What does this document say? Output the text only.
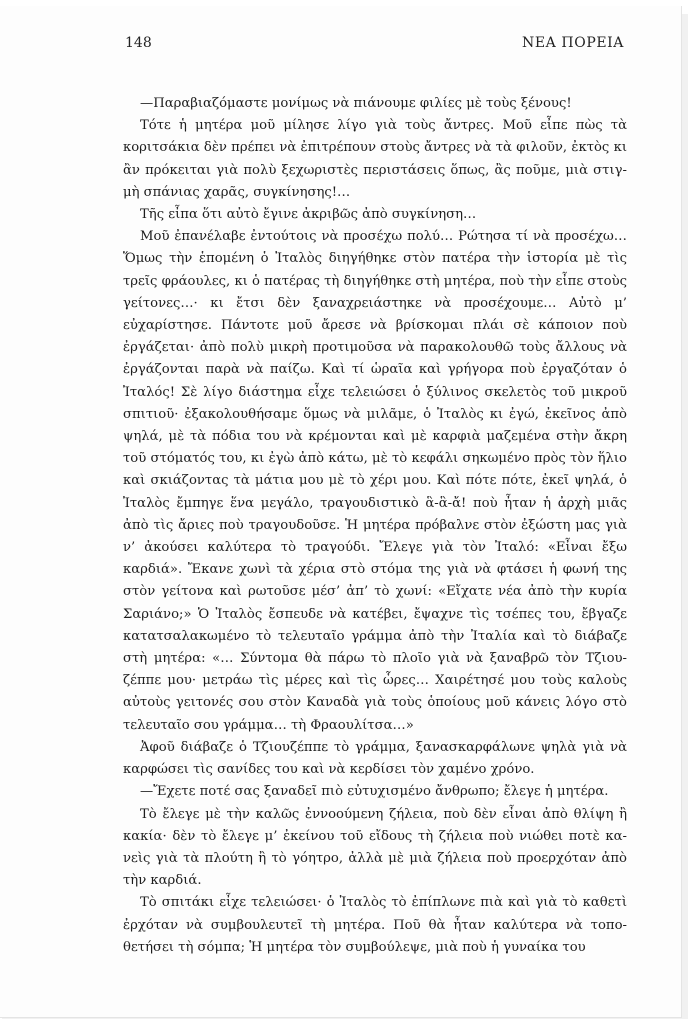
148	ΝΕΑ ΠΟΡΕΙΑ

—Παραβιαζόμαστε μονίμως νὰ πιάνουμε φιλίες μὲ τοὺς ξένους!

Τότε ἡ μητέρα μοῦ μίλησε λίγο γιὰ τοὺς ἄντρες. Μοῦ εἶπε πὼς τὰ κοριτσάκια δὲν πρέπει νὰ ἐπιτρέπουν στοὺς ἄντρες νὰ τὰ φιλοῦν, ἐκτὸς κι ἂν πρόκειται γιὰ πολὺ ξεχωριστὲς περιστάσεις ὅπως, ἂς ποῦμε, μιὰ στιγμὴ σπάνιας χαρᾶς, συγκίνησης!…

Τῆς εἶπα ὅτι αὐτὸ ἔγινε ἀκριβῶς ἀπὸ συγκίνηση…

Μοῦ ἐπανέλαβε ἐντούτοις νὰ προσέχω πολύ… Ρώτησα τί νὰ προσέχω… Ὅμως τὴν ἑπομένη ὁ Ἰταλὸς διηγήθηκε στὸν πατέρα τὴν ἱστορία μὲ τὶς τρεῖς φράουλες, κι ὁ πατέρας τὴ διηγήθηκε στὴ μητέρα, ποὺ τὴν εἶπε στοὺς γείτονες…· κι ἔτσι δὲν ξαναχρειάστηκε νὰ προσέχουμε… Αὐτὸ μ’ εὐχαρίστησε. Πάντοτε μοῦ ἄρεσε νὰ βρίσκομαι πλάι σὲ κάποιον ποὺ ἐργάζεται· ἀπὸ πολὺ μικρὴ προτιμοῦσα νὰ παρακολουθῶ τοὺς ἄλλους νὰ ἐργάζονται παρὰ νὰ παίζω. Καὶ τί ὡραῖα καὶ γρήγορα ποὺ ἐργαζόταν ὁ Ἰταλός! Σὲ λίγο διάστημα εἶχε τελειώσει ὁ ξύλινος σκελετὸς τοῦ μικροῦ σπιτιοῦ· ἐξακολουθήσαμε ὅμως νὰ μιλᾶμε, ὁ Ἰταλὸς κι ἐγώ, ἐκεῖνος ἀπὸ ψηλά, μὲ τὰ πόδια του νὰ κρέμονται καὶ μὲ καρφιὰ μαζεμένα στὴν ἄκρη τοῦ στόματός του, κι ἐγὼ ἀπὸ κάτω, μὲ τὸ κεφάλι σηκωμένο πρὸς τὸν ἥλιο καὶ σκιάζοντας τὰ μάτια μου μὲ τὸ χέρι μου. Καὶ πότε πότε, ἐκεῖ ψηλά, ὁ Ἰταλὸς ἔμπηγε ἕνα μεγάλο, τραγουδιστικὸ ἃ-ἃ-ἄ! ποὺ ἦταν ἡ ἀρχὴ μιᾶς ἀπὸ τὶς ἄριες ποὺ τραγουδοῦσε. Ἡ μητέρα πρόβαλνε στὸν ἐξώστη μας γιὰ ν’ ἀκούσει καλύτερα τὸ τραγούδι. Ἔλεγε γιὰ τὸν Ἰταλό: «Εἶναι ἔξω καρδιά». Ἔκανε χωνὶ τὰ χέρια στὸ στόμα της γιὰ νὰ φτάσει ἡ φωνή της στὸν γείτονα καὶ ρωτοῦσε μέσ’ ἀπ’ τὸ χωνί: «Εἴχατε νέα ἀπὸ τὴν κυρία Σαριάνο;» Ὁ Ἰταλὸς ἔσπευδε νὰ κατέβει, ἔψαχνε τὶς τσέπες του, ἔβγαζε κατατσαλακωμένο τὸ τελευταῖο γράμμα ἀπὸ τὴν Ἰταλία καὶ τὸ διάβαζε στὴ μητέρα: «… Σύντομα θὰ πάρω τὸ πλοῖο γιὰ νὰ ξαναβρῶ τὸν Τζιουζέππε μου· μετράω τὶς μέρες καὶ τὶς ὧρες… Χαιρέτησέ μου τοὺς καλοὺς αὐτοὺς γειτονές σου στὸν Καναδὰ γιὰ τοὺς ὁποίους μοῦ κάνεις λόγο στὸ τελευταῖο σου γράμμα… τὴ Φραουλίτσα…»

Ἀφοῦ διάβαζε ὁ Τζιουζέππε τὸ γράμμα, ξανασκαρφάλωνε ψηλὰ γιὰ νὰ καρφώσει τὶς σανίδες του καὶ νὰ κερδίσει τὸν χαμένο χρόνο.

—Ἔχετε ποτέ σας ξαναδεῖ πιὸ εὐτυχισμένο ἄνθρωπο; ἔλεγε ἡ μητέρα.

Τὸ ἔλεγε μὲ τὴν καλῶς ἐννοούμενη ζήλεια, ποὺ δὲν εἶναι ἀπὸ θλίψη ἢ κακία· δὲν τὸ ἔλεγε μ’ ἐκείνου τοῦ εἴδους τὴ ζήλεια ποὺ νιώθει ποτὲ κανεὶς γιὰ τὰ πλούτη ἢ τὸ γόητρο, ἀλλὰ μὲ μιὰ ζήλεια ποὺ προερχόταν ἀπὸ τὴν καρδιά.

Τὸ σπιτάκι εἶχε τελειώσει· ὁ Ἰταλὸς τὸ ἐπίπλωνε πιὰ καὶ γιὰ τὸ καθετὶ ἐρχόταν νὰ συμβουλευτεῖ τὴ μητέρα. Ποῦ θὰ ἦταν καλύτερα νὰ τοποθετήσει τὴ σόμπα; Ἡ μητέρα τὸν συμβούλεψε, μιὰ ποὺ ἡ γυναίκα του
